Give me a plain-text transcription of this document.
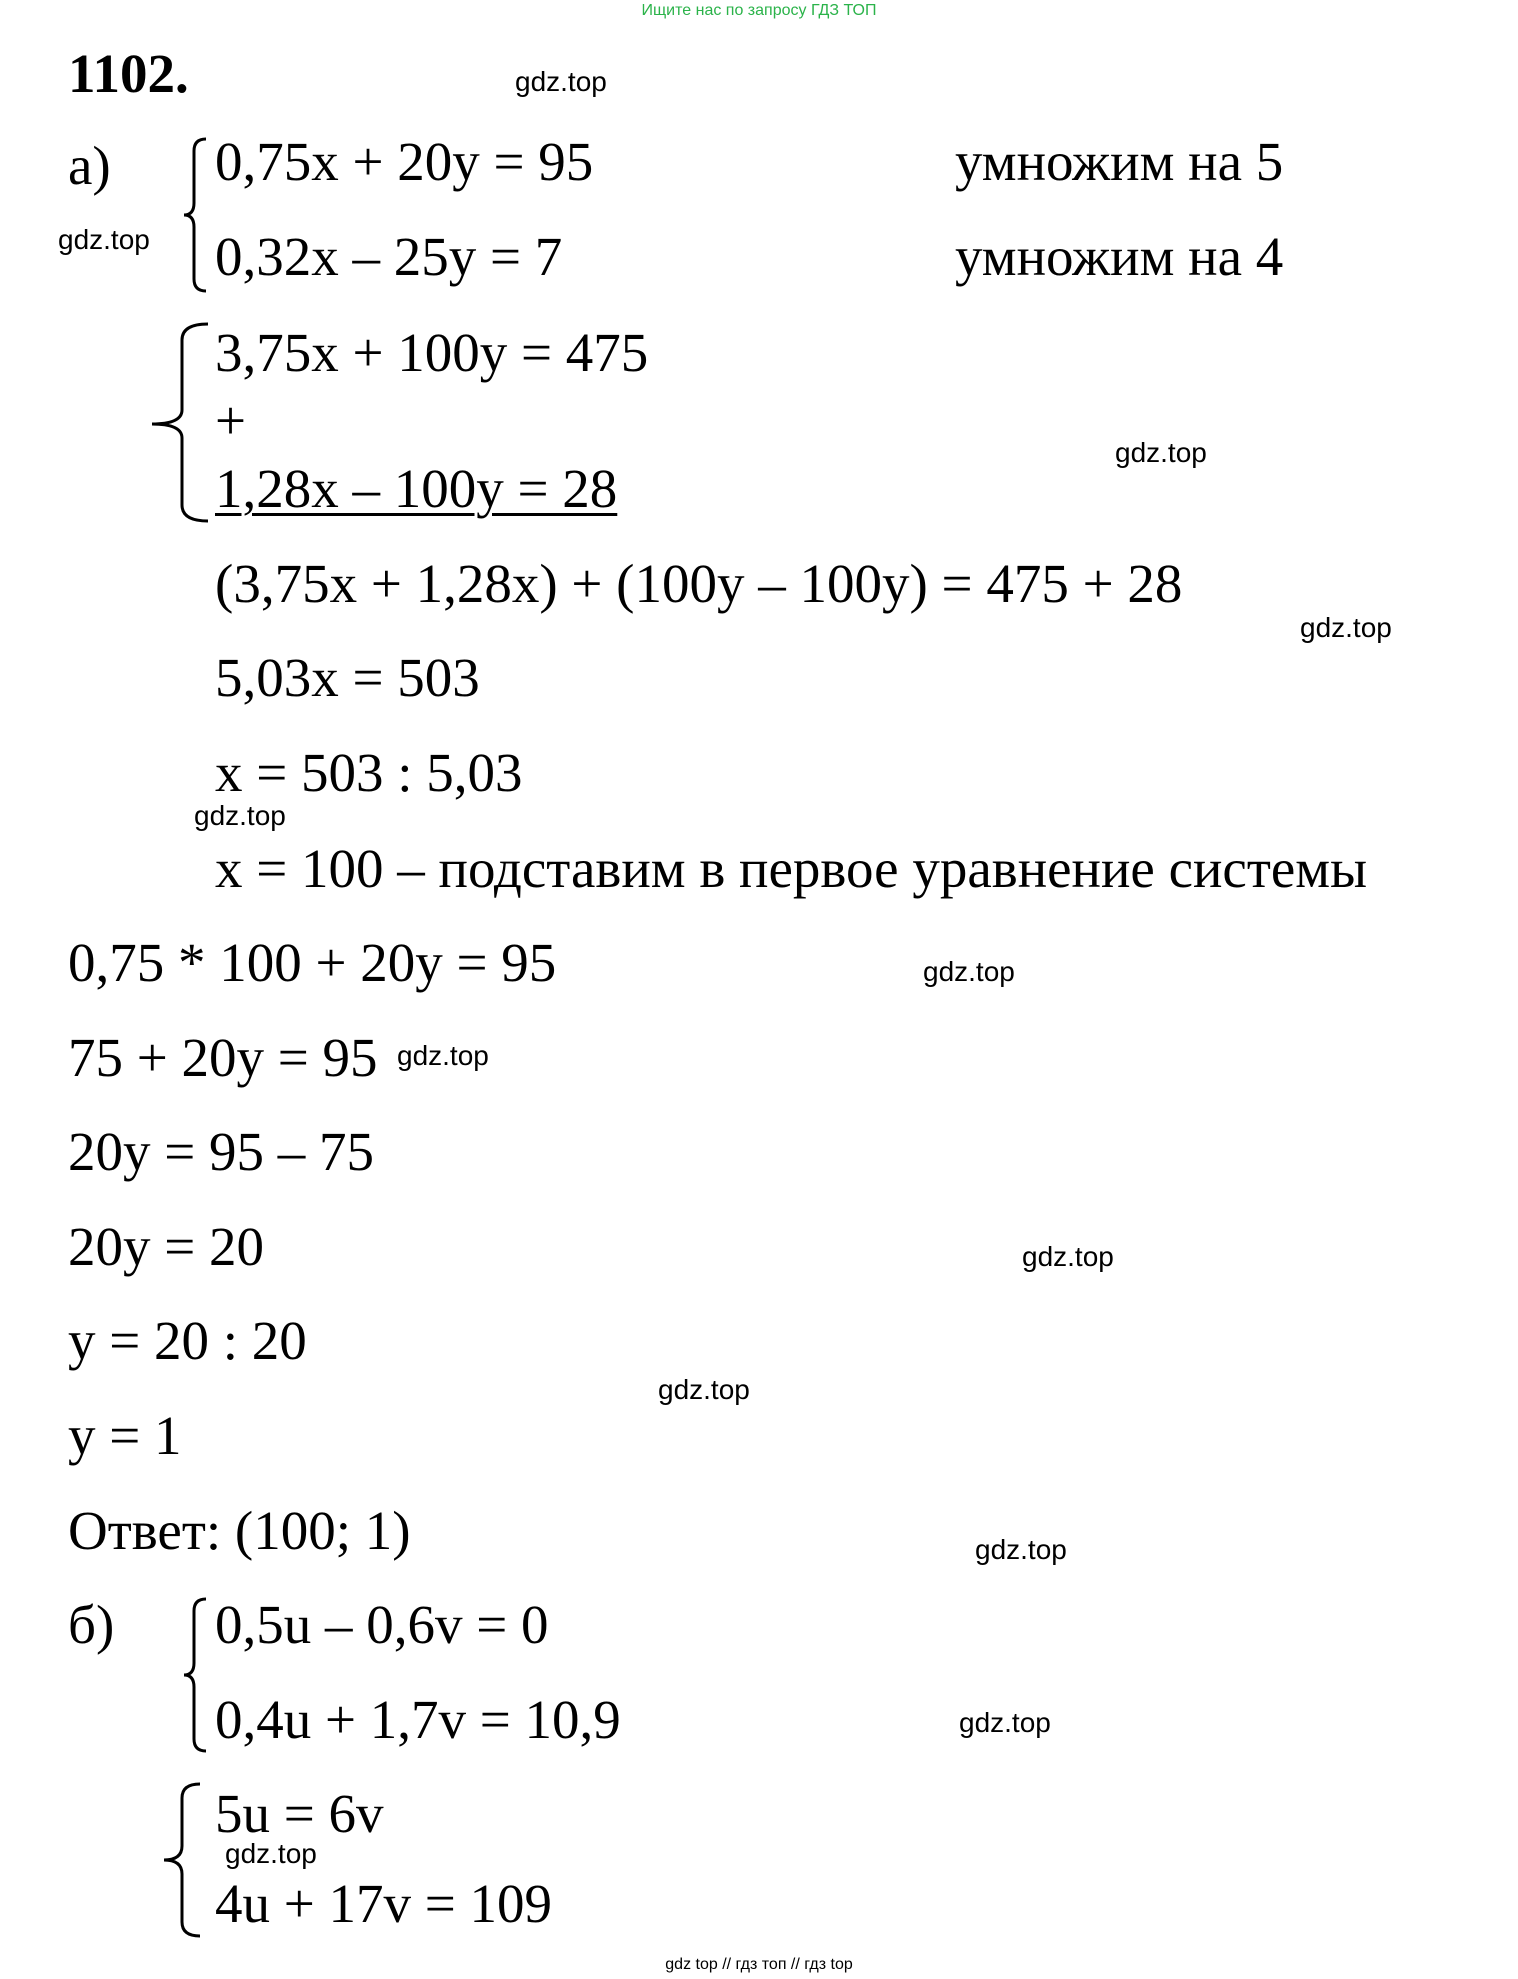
Ищите нас по запросу ГДЗ ТОП
gdz top // гдз топ // гдз top
1102.
а) 0,75x + 20y = 95
0,32x – 25y = 7
умножим на 5
умножим на 4
3,75x + 100y = 475
+
1,28x – 100y = 28
(3,75x + 1,28x) + (100y – 100y) = 475 + 28
5,03x = 503
x = 503 : 5,03
x = 100 – подставим в первое уравнение системы
0,75 * 100 + 20y = 95
75 + 20y = 95
20y = 95 – 75
20y = 20
y = 20 : 20
y = 1
Ответ: (100; 1)
б) 0,5u – 0,6v = 0
0,4u + 1,7v = 10,9
5u = 6v
4u + 17v = 109
gdz.top
gdz.top
gdz.top
gdz.top
gdz.top
gdz.top
gdz.top
gdz.top
gdz.top
gdz.top
gdz.top
gdz.top
